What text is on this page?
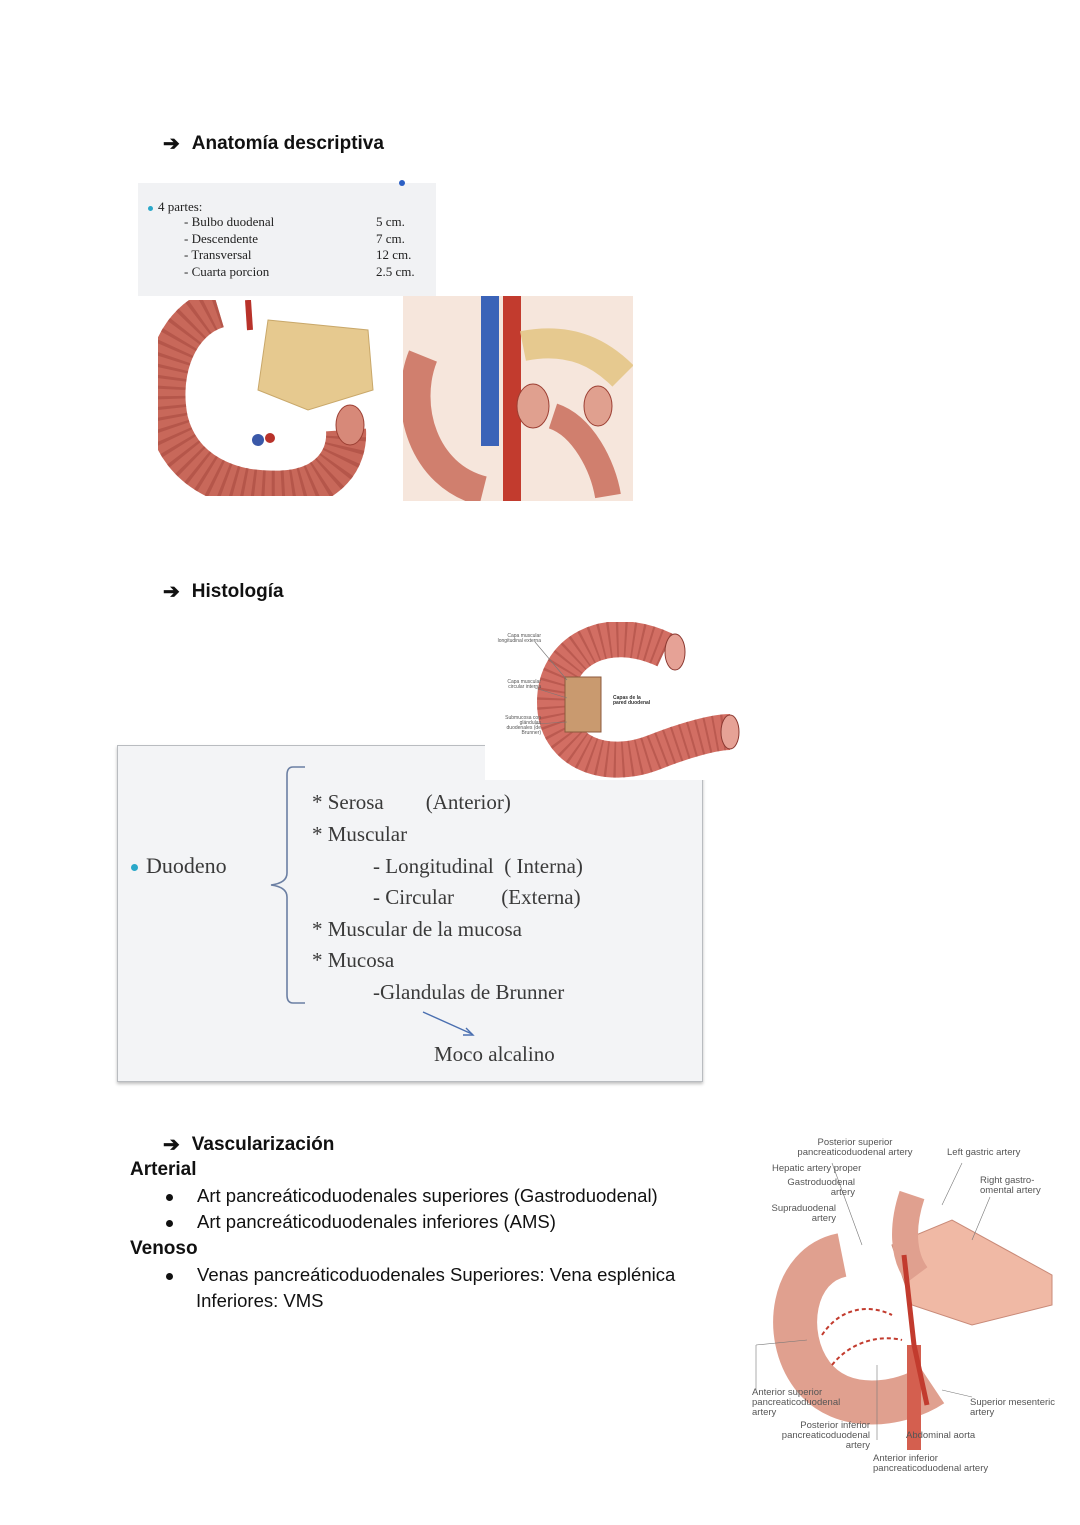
➔ Anatomía descriptiva
4 partes:
- Bulbo duodenal	5 cm.
- Descendente	7 cm.
- Transversal	12 cm.
- Cuarta porcion	2.5 cm.
➔ Histología
Duodeno
* Serosa        (Anterior)
* Muscular
- Longitudinal  ( Interna)
- Circular         (Externa)
* Muscular de la mucosa
* Mucosa
-Glandulas de Brunner
Moco alcalino
Capa muscular longitudinal externa
Capa muscular circular interna
Submucosa con glándulas duodenales (de Brunner)
Capas de la pared duodenal
➔ Vascularización
Arterial
Art pancreáticoduodenales superiores (Gastroduodenal)
Art pancreáticoduodenales inferiores (AMS)
Venoso
Venas pancreáticoduodenales Superiores: Vena esplénica
Inferiores: VMS
Posterior superior pancreaticoduodenal artery	Left gastric artery
Hepatic artery proper
Gastroduodenal artery
Right gastro-omental artery
Supraduodenal artery
Anterior superior pancreaticoduodenal artery
Superior mesenteric artery
Posterior inferior pancreaticoduodenal artery
Abdominal aorta
Anterior inferior pancreaticoduodenal artery
